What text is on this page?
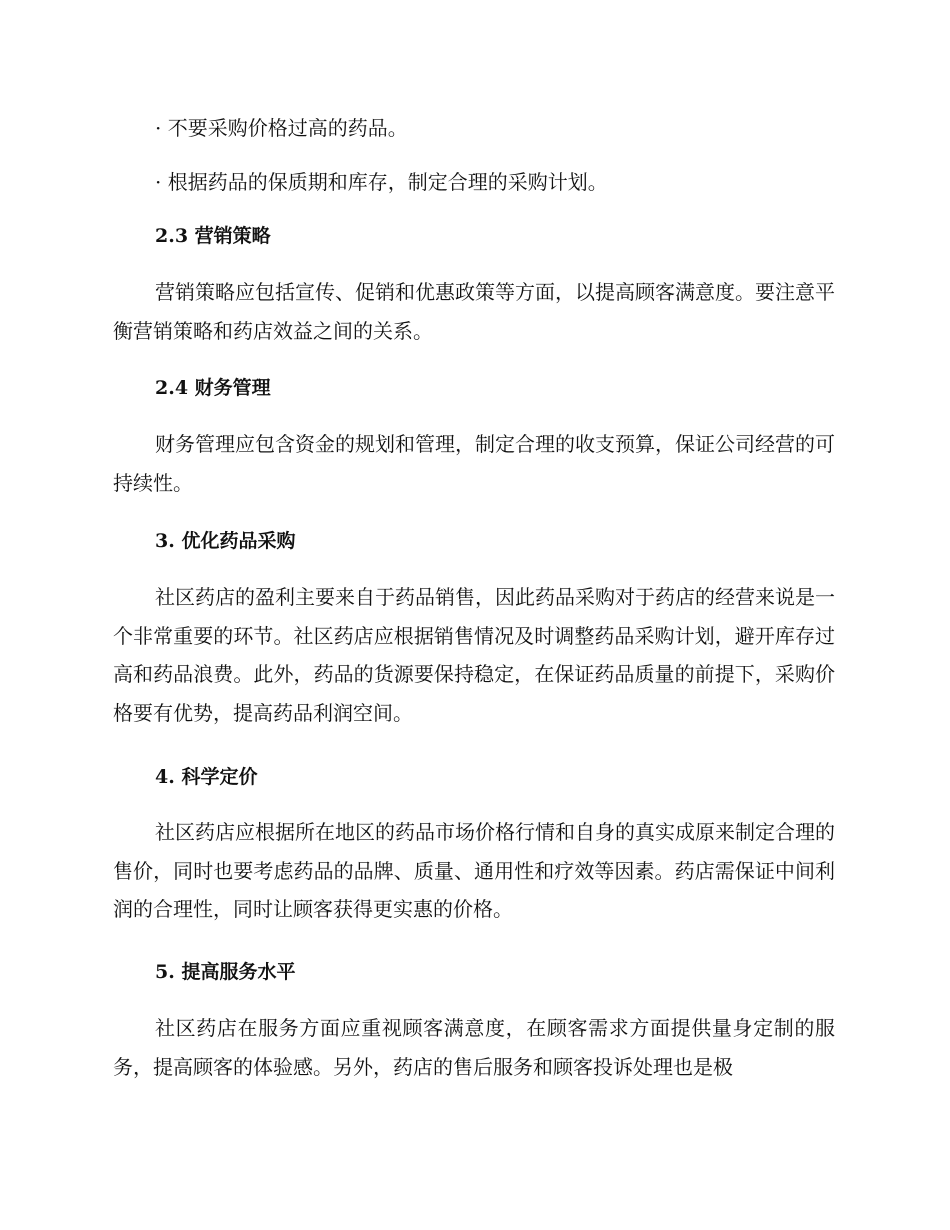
· 不要采购价格过高的药品。

· 根据药品的保质期和库存，制定合理的采购计划。

2.3 营销策略

营销策略应包括宣传、促销和优惠政策等方面，以提高顾客满意度。要注意平衡营销策略和药店效益之间的关系。

2.4 财务管理

财务管理应包含资金的规划和管理，制定合理的收支预算，保证公司经营的可持续性。

3. 优化药品采购

社区药店的盈利主要来自于药品销售，因此药品采购对于药店的经营来说是一个非常重要的环节。社区药店应根据销售情况及时调整药品采购计划，避开库存过高和药品浪费。此外，药品的货源要保持稳定，在保证药品质量的前提下，采购价格要有优势，提高药品利润空间。

4. 科学定价

社区药店应根据所在地区的药品市场价格行情和自身的真实成原来制定合理的售价，同时也要考虑药品的品牌、质量、通用性和疗效等因素。药店需保证中间利润的合理性，同时让顾客获得更实惠的价格。

5. 提高服务水平

社区药店在服务方面应重视顾客满意度，在顾客需求方面提供量身定制的服务，提高顾客的体验感。另外，药店的售后服务和顾客投诉处理也是极
